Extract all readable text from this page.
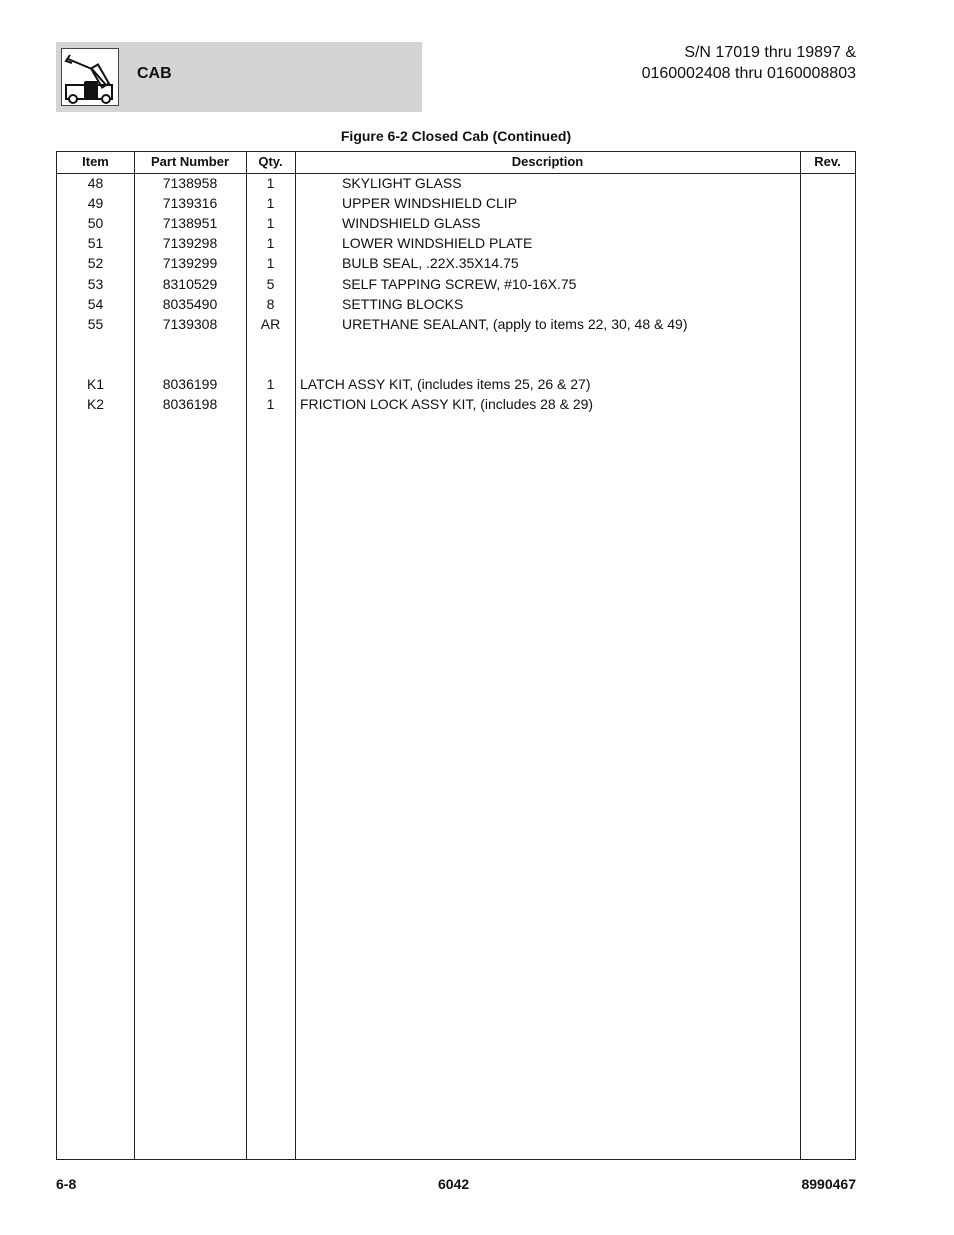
CAB
S/N 17019 thru 19897 &
0160002408 thru 0160008803
Figure 6-2 Closed Cab (Continued)
Item	Part Number	Qty.	Description	Rev.
48	7138958	1	SKYLIGHT GLASS
49	7139316	1	UPPER WINDSHIELD CLIP
50	7138951	1	WINDSHIELD GLASS
51	7139298	1	LOWER WINDSHIELD PLATE
52	7139299	1	BULB SEAL, .22X.35X14.75
53	8310529	5	SELF TAPPING SCREW, #10-16X.75
54	8035490	8	SETTING BLOCKS
55	7139308	AR	URETHANE SEALANT, (apply to items 22, 30, 48 & 49)
K1	8036199	1	LATCH ASSY KIT, (includes items 25, 26 & 27)
K2	8036198	1	FRICTION LOCK ASSY KIT, (includes 28 & 29)
6-8	6042	8990467
